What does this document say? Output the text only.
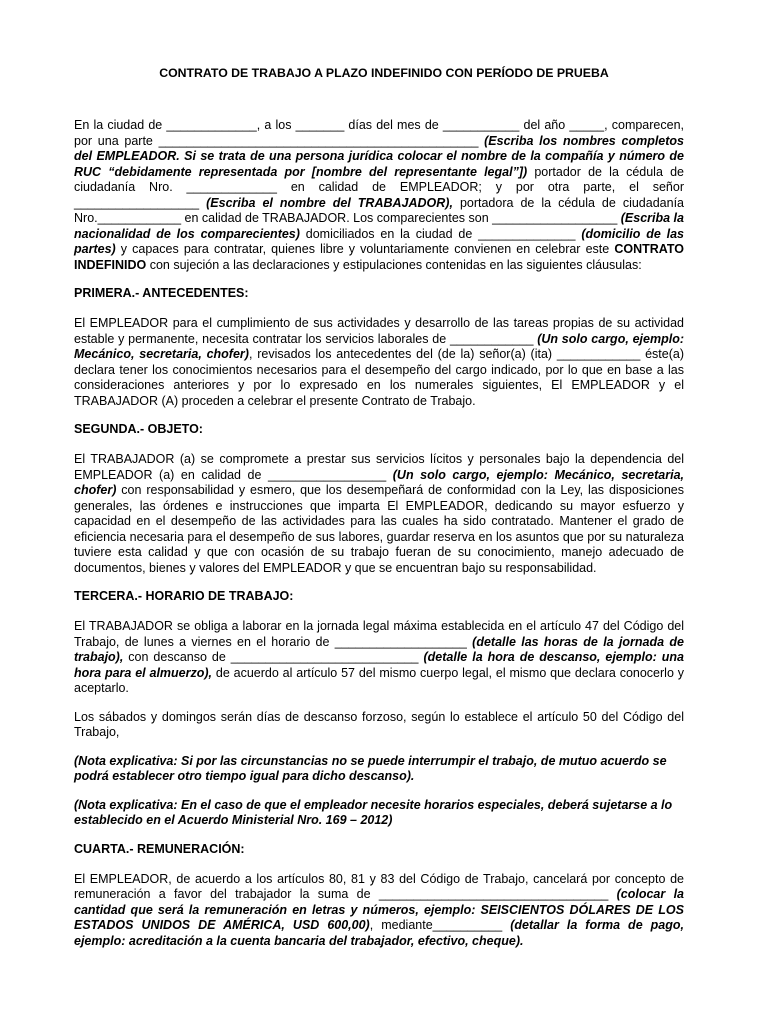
CONTRATO DE TRABAJO A PLAZO INDEFINIDO CON PERÍODO DE PRUEBA

En la ciudad de _____________, a los _______ días del mes de ___________ del año _____, comparecen, por una parte ______________________________________________ (Escriba los nombres completos del EMPLEADOR. Si se trata de una persona jurídica colocar el nombre de la compañía y número de RUC “debidamente representada por [nombre del representante legal”]) portador de la cédula de ciudadanía Nro. _____________ en calidad de EMPLEADOR; y por otra parte, el señor __________________ (Escriba el nombre del TRABAJADOR), portadora de la cédula de ciudadanía Nro.____________ en calidad de TRABAJADOR. Los comparecientes son __________________ (Escriba la nacionalidad de los comparecientes) domiciliados en la ciudad de ______________ (domicilio de las partes) y capaces para contratar, quienes libre y voluntariamente convienen en celebrar este CONTRATO INDEFINIDO con sujeción a las declaraciones y estipulaciones contenidas en las siguientes cláusulas:

PRIMERA.- ANTECEDENTES:

El EMPLEADOR para el cumplimiento de sus actividades y desarrollo de las tareas propias de su actividad estable y permanente, necesita contratar los servicios laborales de ____________ (Un solo cargo, ejemplo: Mecánico, secretaria, chofer), revisados los antecedentes del (de la) señor(a) (ita) ____________ éste(a) declara tener los conocimientos necesarios para el desempeño del cargo indicado, por lo que en base a las consideraciones anteriores y por lo expresado en los numerales siguientes, El EMPLEADOR y el TRABAJADOR (A) proceden a celebrar el presente Contrato de Trabajo.

SEGUNDA.- OBJETO:

El TRABAJADOR (a) se compromete a prestar sus servicios lícitos y personales bajo la dependencia del EMPLEADOR (a) en calidad de _________________ (Un solo cargo, ejemplo: Mecánico, secretaria, chofer) con responsabilidad y esmero, que los desempeñará de conformidad con la Ley, las disposiciones generales, las órdenes e instrucciones que imparta El EMPLEADOR, dedicando su mayor esfuerzo y capacidad en el desempeño de las actividades para las cuales ha sido contratado. Mantener el grado de eficiencia necesaria para el desempeño de sus labores, guardar reserva en los asuntos que por su naturaleza tuviere esta calidad y que con ocasión de su trabajo fueran de su conocimiento, manejo adecuado de documentos, bienes y valores del EMPLEADOR y que se encuentran bajo su responsabilidad.

TERCERA.- HORARIO DE TRABAJO:

El TRABAJADOR se obliga a laborar en la jornada legal máxima establecida en el artículo 47 del Código del Trabajo, de lunes a viernes en el horario de ___________________ (detalle las horas de la jornada de trabajo), con descanso de ___________________________ (detalle la hora de descanso, ejemplo: una hora para el almuerzo), de acuerdo al artículo 57 del mismo cuerpo legal, el mismo que declara conocerlo y aceptarlo.

Los sábados y domingos serán días de descanso forzoso, según lo establece el artículo 50 del Código del Trabajo,

(Nota explicativa: Si por las circunstancias no se puede interrumpir el trabajo, de mutuo acuerdo se podrá establecer otro tiempo igual para dicho descanso).

(Nota explicativa: En el caso de que el empleador necesite horarios especiales, deberá sujetarse a lo establecido en el Acuerdo Ministerial Nro. 169 – 2012)

CUARTA.- REMUNERACIÓN:

El EMPLEADOR, de acuerdo a los artículos 80, 81 y 83 del Código de Trabajo, cancelará por concepto de remuneración a favor del trabajador la suma de _________________________________ (colocar la cantidad que será la remuneración en letras y números, ejemplo: SEISCIENTOS DÓLARES DE LOS ESTADOS UNIDOS DE AMÉRICA, USD 600,00), mediante__________ (detallar la forma de pago, ejemplo: acreditación a la cuenta bancaria del trabajador, efectivo, cheque).
